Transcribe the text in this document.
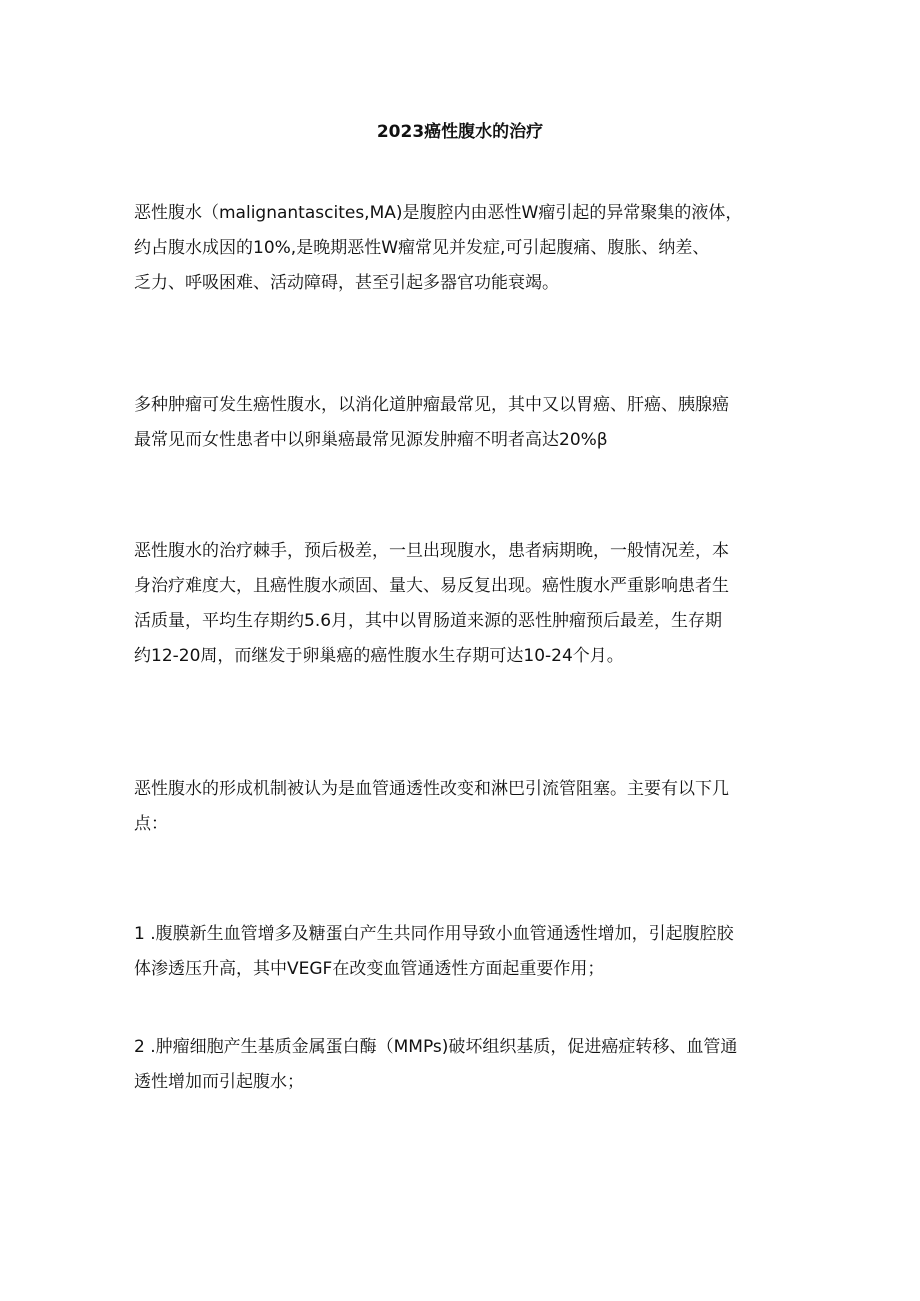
2023癌性腹水的治疗
恶性腹水（malignantascites,MA)是腹腔内由恶性W瘤引起的异常聚集的液体，
约占腹水成因的10%,是晚期恶性W瘤常见并发症,可引起腹痛、腹胀、纳差、
乏力、呼吸困难、活动障碍，甚至引起多器官功能衰竭。
多种肿瘤可发生癌性腹水，以消化道肿瘤最常见，其中又以胃癌、肝癌、胰腺癌
最常见而女性患者中以卵巢癌最常见源发肿瘤不明者高达20%β
恶性腹水的治疗棘手，预后极差，一旦出现腹水，患者病期晚，一般情况差，本
身治疗难度大，且癌性腹水顽固、量大、易反复出现。癌性腹水严重影响患者生
活质量，平均生存期约5.6月，其中以胃肠道来源的恶性肿瘤预后最差，生存期
约12-20周，而继发于卵巢癌的癌性腹水生存期可达10-24个月。
恶性腹水的形成机制被认为是血管通透性改变和淋巴引流管阻塞。主要有以下几
点：
1 .腹膜新生血管增多及糖蛋白产生共同作用导致小血管通透性增加，引起腹腔胶
体渗透压升高，其中VEGF在改变血管通透性方面起重要作用；
2 .肿瘤细胞产生基质金属蛋白酶（MMPs)破坏组织基质，促进癌症转移、血管通
透性增加而引起腹水；
